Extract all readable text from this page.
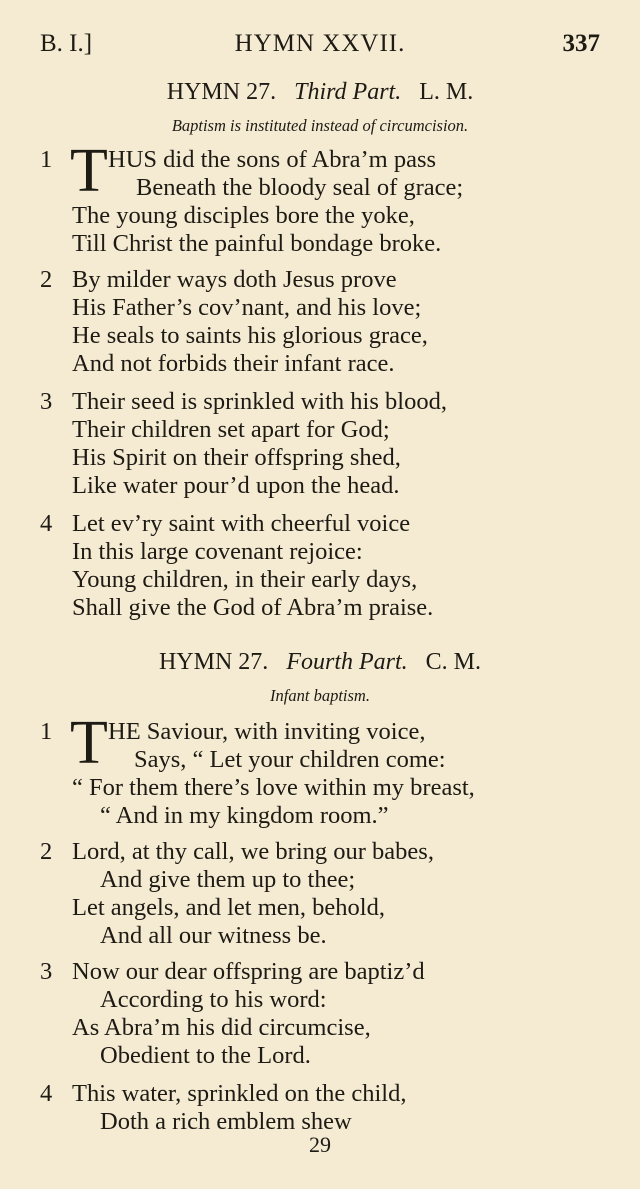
B. I.]	HYMN XXVII.	337
HYMN 27. Third Part. L. M.
Baptism is instituted instead of circumcision.
1 T HUS did the sons of Abra’m pass
Beneath the bloody seal of grace;
The young disciples bore the yoke,
Till Christ the painful bondage broke.
2 By milder ways doth Jesus prove
His Father’s cov’nant, and his love;
He seals to saints his glorious grace,
And not forbids their infant race.
3 Their seed is sprinkled with his blood,
Their children set apart for God;
His Spirit on their offspring shed,
Like water pour’d upon the head.
4 Let ev’ry saint with cheerful voice
In this large covenant rejoice:
Young children, in their early days,
Shall give the God of Abra’m praise.
HYMN 27. Fourth Part. C. M.
Infant baptism.
1 T HE Saviour, with inviting voice,
Says, “ Let your children come:
“ For them there’s love within my breast,
“ And in my kingdom room.”
2 Lord, at thy call, we bring our babes,
And give them up to thee;
Let angels, and let men, behold,
And all our witness be.
3 Now our dear offspring are baptiz’d
According to his word:
As Abra’m his did circumcise,
Obedient to the Lord.
4 This water, sprinkled on the child,
Doth a rich emblem shew
29
